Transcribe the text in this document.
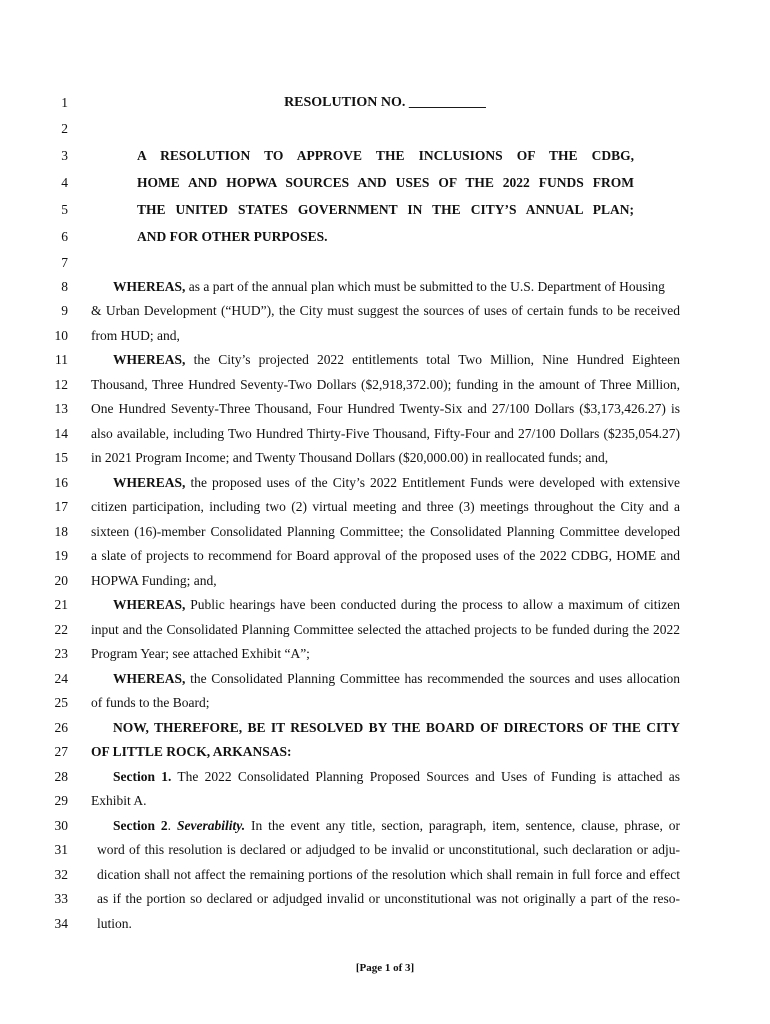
1
2
3
4
5
6
7
8
9
10
11
12
13
14
15
16
17
18
19
20
21
22
23
24
25
26
27
28
29
30
31
32
33
34
RESOLUTION NO. ___________
A RESOLUTION TO APPROVE THE INCLUSIONS OF THE CDBG,
HOME AND HOPWA SOURCES AND USES OF THE 2022 FUNDS FROM
THE UNITED STATES GOVERNMENT IN THE CITY’S ANNUAL PLAN;
AND FOR OTHER PURPOSES.
WHEREAS, as a part of the annual plan which must be submitted to the U.S. Department of Housing
& Urban Development (“HUD”), the City must suggest the sources of uses of certain funds to be received
from HUD; and,
WHEREAS, the City’s projected 2022 entitlements total Two Million, Nine Hundred Eighteen
Thousand, Three Hundred Seventy-Two Dollars ($2,918,372.00); funding in the amount of Three Million,
One Hundred Seventy-Three Thousand, Four Hundred Twenty-Six and 27/100 Dollars ($3,173,426.27) is
also available, including Two Hundred Thirty-Five Thousand, Fifty-Four and 27/100 Dollars ($235,054.27)
in 2021 Program Income; and Twenty Thousand Dollars ($20,000.00) in reallocated funds; and,
WHEREAS, the proposed uses of the City’s 2022 Entitlement Funds were developed with extensive
citizen participation, including two (2) virtual meeting and three (3) meetings throughout the City and a
sixteen (16)-member Consolidated Planning Committee; the Consolidated Planning Committee developed
a slate of projects to recommend for Board approval of the proposed uses of the 2022 CDBG, HOME and
HOPWA Funding; and,
WHEREAS, Public hearings have been conducted during the process to allow a maximum of citizen
input and the Consolidated Planning Committee selected the attached projects to be funded during the 2022
Program Year; see attached Exhibit “A”;
WHEREAS, the Consolidated Planning Committee has recommended the sources and uses allocation
of funds to the Board;
NOW, THEREFORE, BE IT RESOLVED BY THE BOARD OF DIRECTORS OF THE CITY
OF LITTLE ROCK, ARKANSAS:
Section 1. The 2022 Consolidated Planning Proposed Sources and Uses of Funding is attached as
Exhibit A.
Section 2. Severability. In the event any title, section, paragraph, item, sentence, clause, phrase, or
word of this resolution is declared or adjudged to be invalid or unconstitutional, such declaration or adju-
dication shall not affect the remaining portions of the resolution which shall remain in full force and effect
as if the portion so declared or adjudged invalid or unconstitutional was not originally a part of the reso-
lution.
[Page 1 of 3]
